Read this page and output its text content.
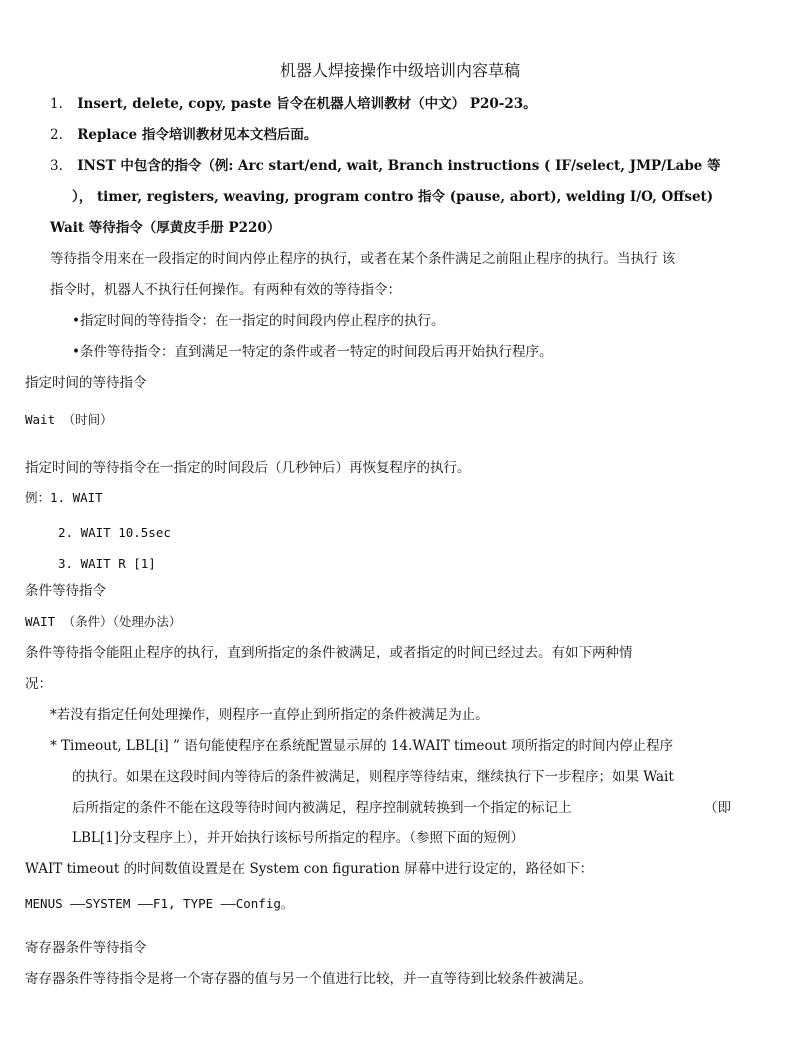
机器人焊接操作中级培训内容草稿
1. Insert, delete, copy, paste 旨令在机器人培训教材（中文） P20-23。
2. Replace 指令培训教材见本文档后面。
3. INST 中包含的指令（例: Arc start/end, wait, Branch instructions ( IF/select, JMP/Labe 等
）， timer, registers, weaving, program contro 指令 (pause, abort), welding I/O, Offset)
Wait 等待指令（厚黄皮手册 P220）
等待指令用来在一段指定的时间内停止程序的执行，或者在某个条件满足之前阻止程序的执行。当执行 该
指令时，机器人不执行任何操作。有两种有效的等待指令：
•指定时间的等待指令：在一指定的时间段内停止程序的执行。
•条件等待指令：直到满足一特定的条件或者一特定的时间段后再开始执行程序。
指定时间的等待指令
Wait （时间）
指定时间的等待指令在一指定的时间段后（几秒钟后）再恢复程序的执行。
例：1. WAIT
2. WAIT 10.5sec
3. WAIT R [1]
条件等待指令
WAIT （条件）（处理办法）
条件等待指令能阻止程序的执行，直到所指定的条件被满足，或者指定的时间已经过去。有如下两种情
况：
*若没有指定任何处理操作，则程序一直停止到所指定的条件被满足为止。
* Timeout, LBL[i] ” 语句能使程序在系统配置显示屏的 14.WAIT timeout 项所指定的时间内停止程序
的执行。如果在这段时间内等待后的条件被满足，则程序等待结束，继续执行下一步程序；如果 Wait
后所指定的条件不能在这段等待时间内被满足，程序控制就转换到一个指定的标记上	（即
LBL[1]分支程序上），并开始执行该标号所指定的程序。（参照下面的短例）
WAIT timeout 的时间数值设置是在 System con figuration 屏幕中进行设定的，路径如下：
MENUS ——SYSTEM ——F1, TYPE ——Config。
寄存器条件等待指令
寄存器条件等待指令是将一个寄存器的值与另一个值进行比较，并一直等待到比较条件被满足。
